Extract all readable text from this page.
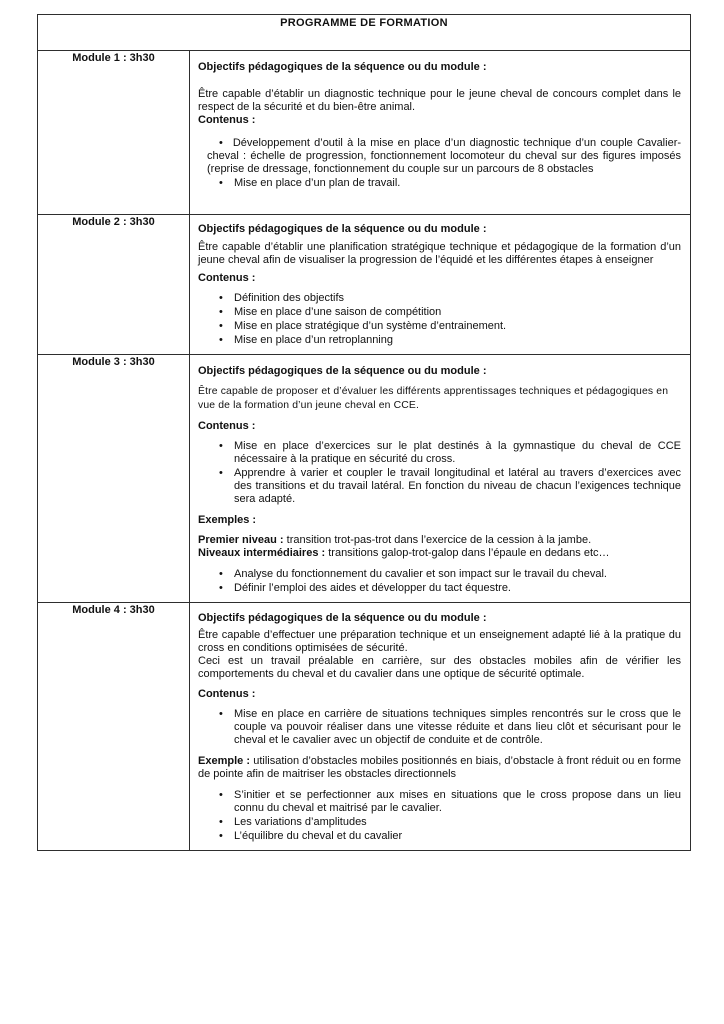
PROGRAMME DE FORMATION	
Module 1 : 3h30	Objectifs pédagogiques de la séquence ou du module :

Être capable d’établir un diagnostic technique pour le jeune cheval de concours complet dans le respect de la sécurité et du bien-être animal.

Contenus :

• Développement d’outil à la mise en place d’un diagnostic technique d’un couple Cavalier-cheval : échelle de progression, fonctionnement locomoteur du cheval sur des figures imposés (reprise de dressage, fonctionnement du couple sur un parcours de 8 obstacles
• Mise en place d’un plan de travail.

Module 2 : 3h30	

Objectifs pédagogiques de la séquence ou du module :

Être capable d’établir une planification stratégique technique et pédagogique de la formation d’un jeune cheval afin de visualiser la progression de l’équidé et les différentes étapes à enseigner

Contenus :

• Définition des objectifs
• Mise en place d’une saison de compétition
• Mise en place stratégique d’un système d’entrainement.
• Mise en place d’un retroplanning

Module 3 : 3h30	

Objectifs pédagogiques de la séquence ou du module :

Être capable de proposer et d’évaluer les différents apprentissages techniques et pédagogiques en vue de la formation d’un jeune cheval en CCE.

Contenus :

• Mise en place d’exercices sur le plat destinés à la gymnastique du cheval de CCE nécessaire à la pratique en sécurité du cross.
• Apprendre à varier et coupler le travail longitudinal et latéral au travers d’exercices avec des transitions et du travail latéral. En fonction du niveau de chacun l’exigences technique sera adapté.

Exemples :

Premier niveau : transition trot-pas-trot dans l’exercice de la cession à la jambe.

Niveaux intermédiaires : transitions galop-trot-galop dans l’épaule en dedans etc…

• Analyse du fonctionnement du cavalier et son impact sur le travail du cheval.
• Définir l’emploi des aides et développer du tact équestre.

Module 4 : 3h30	

Objectifs pédagogiques de la séquence ou du module :

Être capable d’effectuer une préparation technique et un enseignement adapté lié à la pratique du cross en conditions optimisées de sécurité.

Ceci est un travail préalable en carrière, sur des obstacles mobiles afin de vérifier les comportements du cheval et du cavalier dans une optique de sécurité optimale.

Contenus :

• Mise en place en carrière de situations techniques simples rencontrés sur le cross que le couple va pouvoir réaliser dans une vitesse réduite et dans lieu clôt et sécurisant pour le cheval et le cavalier avec un objectif de conduite et de contrôle.

Exemple : utilisation d’obstacles mobiles positionnés en biais, d’obstacle à front réduit ou en forme de pointe afin de maitriser les obstacles directionnels

• S’initier et se perfectionner aux mises en situations que le cross propose dans un lieu connu du cheval et maitrisé par le cavalier.
• Les variations d’amplitudes
• L’équilibre du cheval et du cavalier
